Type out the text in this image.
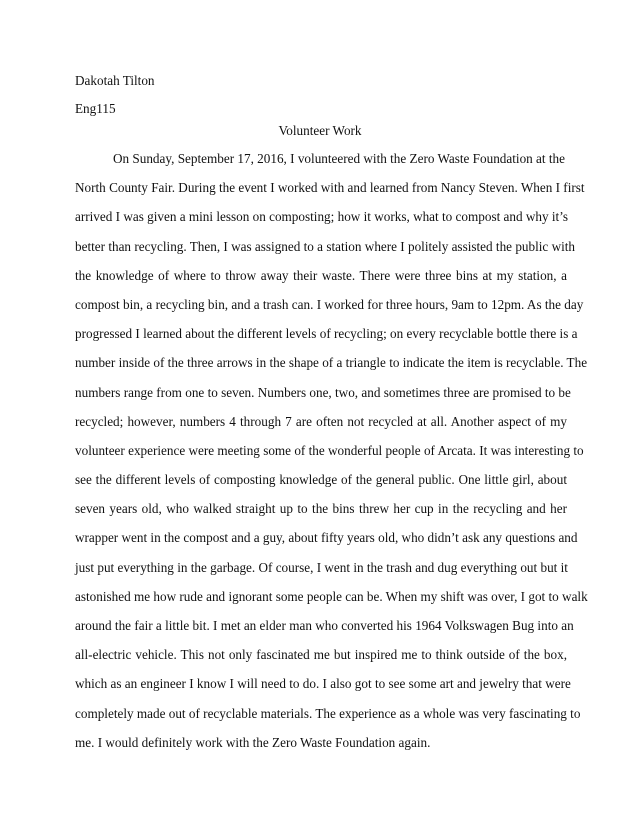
Dakotah Tilton
Eng115
Volunteer Work
On Sunday, September 17, 2016, I volunteered with the Zero Waste Foundation at the
North County Fair. During the event I worked with and learned from Nancy Steven. When I first
arrived I was given a mini lesson on composting; how it works, what to compost and why it’s
better than recycling. Then, I was assigned to a station where I politely assisted the public with
the knowledge of where to throw away their waste. There were three bins at my station, a
compost bin, a recycling bin, and a trash can. I worked for three hours, 9am to 12pm. As the day
progressed I learned about the different levels of recycling; on every recyclable bottle there is a
number inside of the three arrows in the shape of a triangle to indicate the item is recyclable. The
numbers range from one to seven. Numbers one, two, and sometimes three are promised to be
recycled; however, numbers 4 through 7 are often not recycled at all. Another aspect of my
volunteer experience were meeting some of the wonderful people of Arcata. It was interesting to
see the different levels of composting knowledge of the general public. One little girl, about
seven years old, who walked straight up to the bins threw her cup in the recycling and her
wrapper went in the compost and a guy, about fifty years old, who didn’t ask any questions and
just put everything in the garbage. Of course, I went in the trash and dug everything out but it
astonished me how rude and ignorant some people can be. When my shift was over, I got to walk
around the fair a little bit. I met an elder man who converted his 1964 Volkswagen Bug into an
all-electric vehicle. This not only fascinated me but inspired me to think outside of the box,
which as an engineer I know I will need to do. I also got to see some art and jewelry that were
completely made out of recyclable materials. The experience as a whole was very fascinating to
me. I would definitely work with the Zero Waste Foundation again.
